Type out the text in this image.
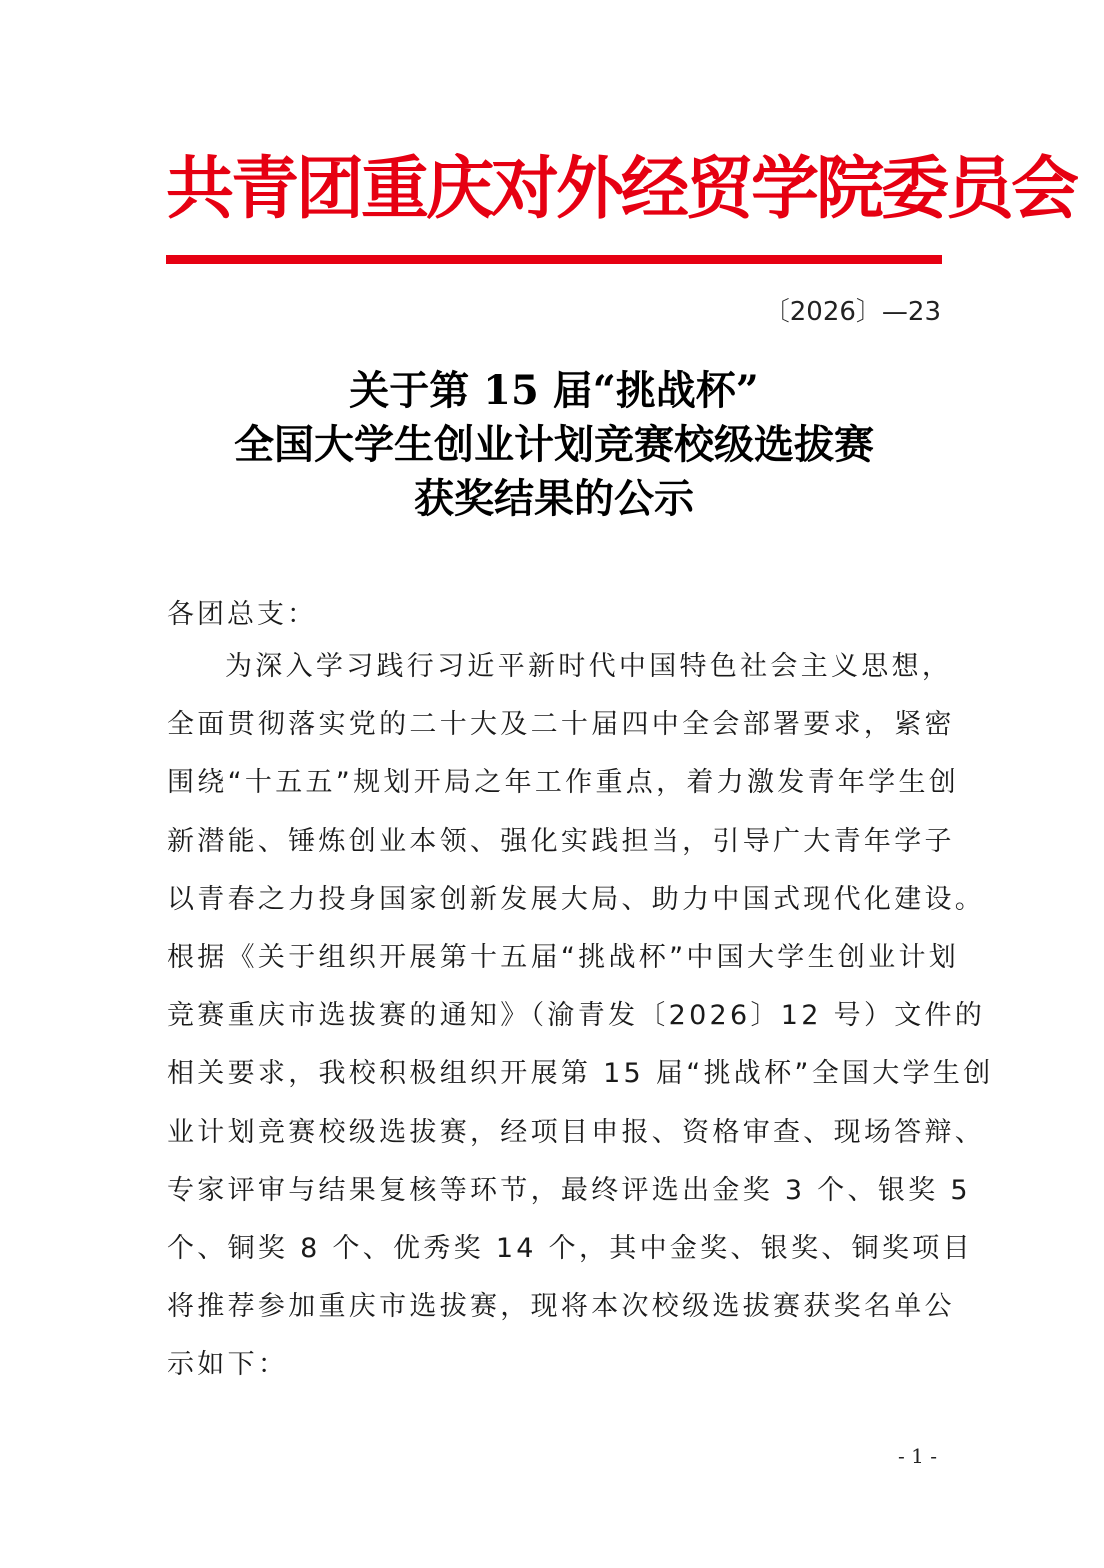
共青团重庆对外经贸学院委员会
〔2026〕—23
关于第 15 届“挑战杯”
全国大学生创业计划竞赛校级选拔赛
获奖结果的公示
各团总支：
为深入学习践行习近平新时代中国特色社会主义思想，
全面贯彻落实党的二十大及二十届四中全会部署要求，紧密
围绕“十五五”规划开局之年工作重点，着力激发青年学生创
新潜能、锤炼创业本领、强化实践担当，引导广大青年学子
以青春之力投身国家创新发展大局、助力中国式现代化建设。
根据《关于组织开展第十五届“挑战杯”中国大学生创业计划
竞赛重庆市选拔赛的通知》（渝青发〔2026〕12 号）文件的
相关要求，我校积极组织开展第 15 届“挑战杯”全国大学生创
业计划竞赛校级选拔赛，经项目申报、资格审查、现场答辩、
专家评审与结果复核等环节，最终评选出金奖 3 个、银奖 5
个、铜奖 8 个、优秀奖 14 个，其中金奖、银奖、铜奖项目
将推荐参加重庆市选拔赛，现将本次校级选拔赛获奖名单公
示如下：
- 1 -
